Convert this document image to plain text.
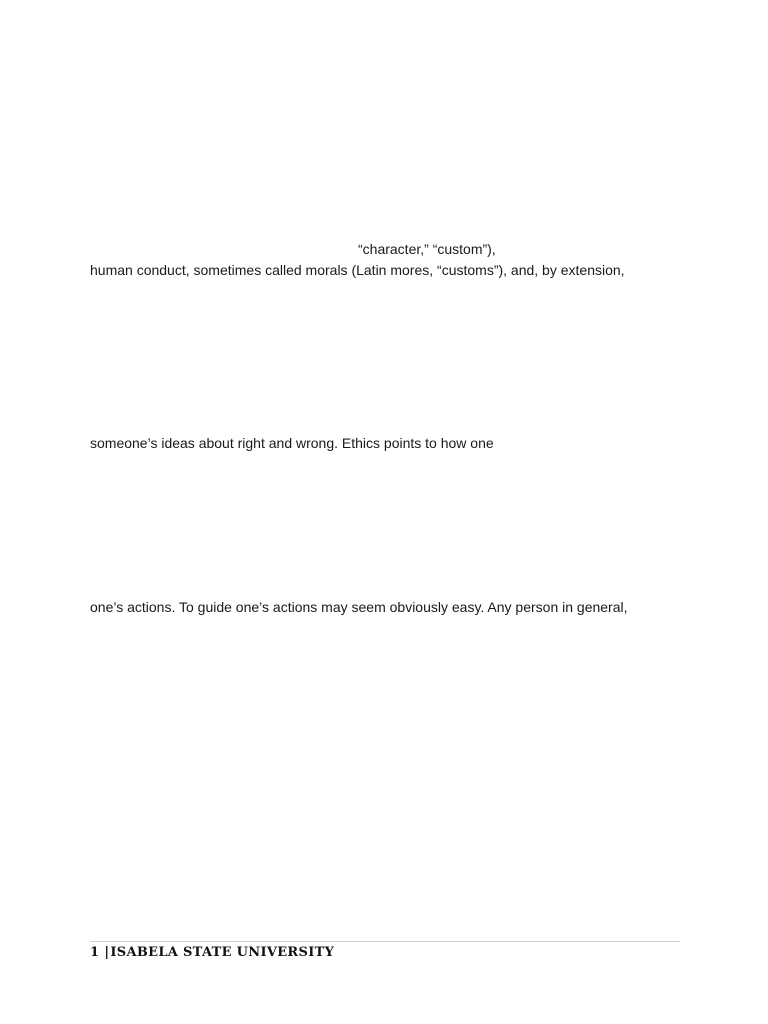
“character,” “custom”),
human conduct, sometimes called morals (Latin mores, “customs”), and, by extension,
someone’s ideas about right and wrong. Ethics points to how one
one’s actions. To guide one’s actions may seem obviously easy. Any person in general,
1 |ISABELA STATE UNIVERSITY
